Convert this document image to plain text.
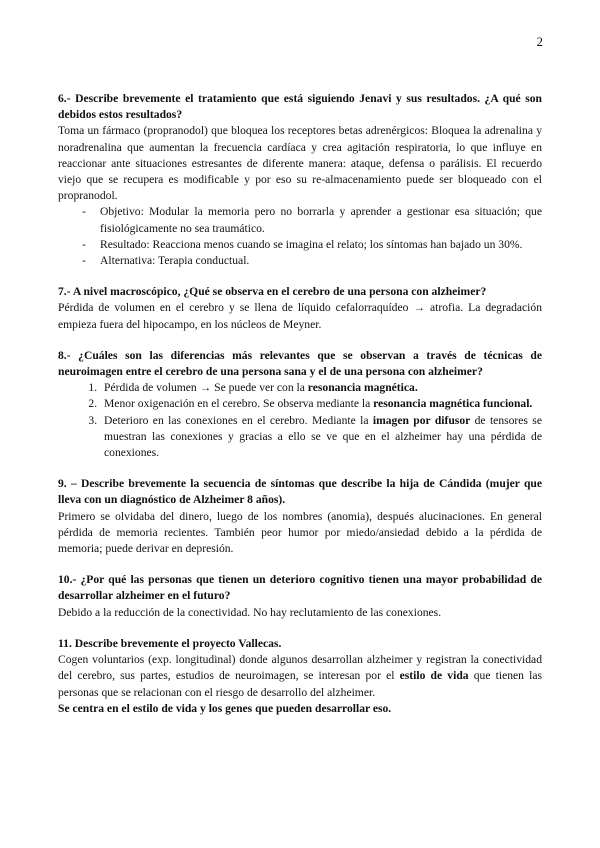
2
6.- Describe brevemente el tratamiento que está siguiendo Jenavi y sus resultados. ¿A qué son debidos estos resultados?
Toma un fármaco (propranodol) que bloquea los receptores betas adrenérgicos: Bloquea la adrenalina y noradrenalina que aumentan la frecuencia cardíaca y crea agitación respiratoria, lo que influye en reaccionar ante situaciones estresantes de diferente manera: ataque, defensa o parálisis. El recuerdo viejo que se recupera es modificable y por eso su re-almacenamiento puede ser bloqueado con el propranodol.
- Objetivo: Modular la memoria pero no borrarla y aprender a gestionar esa situación; que fisiológicamente no sea traumático.
- Resultado: Reacciona menos cuando se imagina el relato; los síntomas han bajado un 30%.
- Alternativa: Terapia conductual.
7.- A nivel macroscópico, ¿Qué se observa en el cerebro de una persona con alzheimer?
Pérdida de volumen en el cerebro y se llena de líquido cefalorraquídeo → atrofia. La degradación empieza fuera del hipocampo, en los núcleos de Meyner.
8.- ¿Cuáles son las diferencias más relevantes que se observan a través de técnicas de neuroimagen entre el cerebro de una persona sana y el de una persona con alzheimer?
1. Pérdida de volumen → Se puede ver con la resonancia magnética.
2. Menor oxigenación en el cerebro. Se observa mediante la resonancia magnética funcional.
3. Deterioro en las conexiones en el cerebro. Mediante la imagen por difusor de tensores se muestran las conexiones y gracias a ello se ve que en el alzheimer hay una pérdida de conexiones.
9. – Describe brevemente la secuencia de síntomas que describe la hija de Cándida (mujer que lleva con un diagnóstico de Alzheimer 8 años).
Primero se olvidaba del dinero, luego de los nombres (anomia), después alucinaciones. En general pérdida de memoria recientes. También peor humor por miedo/ansiedad debido a la pérdida de memoria; puede derivar en depresión.
10.- ¿Por qué las personas que tienen un deterioro cognitivo tienen una mayor probabilidad de desarrollar alzheimer en el futuro?
Debido a la reducción de la conectividad. No hay reclutamiento de las conexiones.
11. Describe brevemente el proyecto Vallecas.
Cogen voluntarios (exp. longitudinal) donde algunos desarrollan alzheimer y registran la conectividad del cerebro, sus partes, estudios de neuroimagen, se interesan por el estilo de vida que tienen las personas que se relacionan con el riesgo de desarrollo del alzheimer.
Se centra en el estilo de vida y los genes que pueden desarrollar eso.
